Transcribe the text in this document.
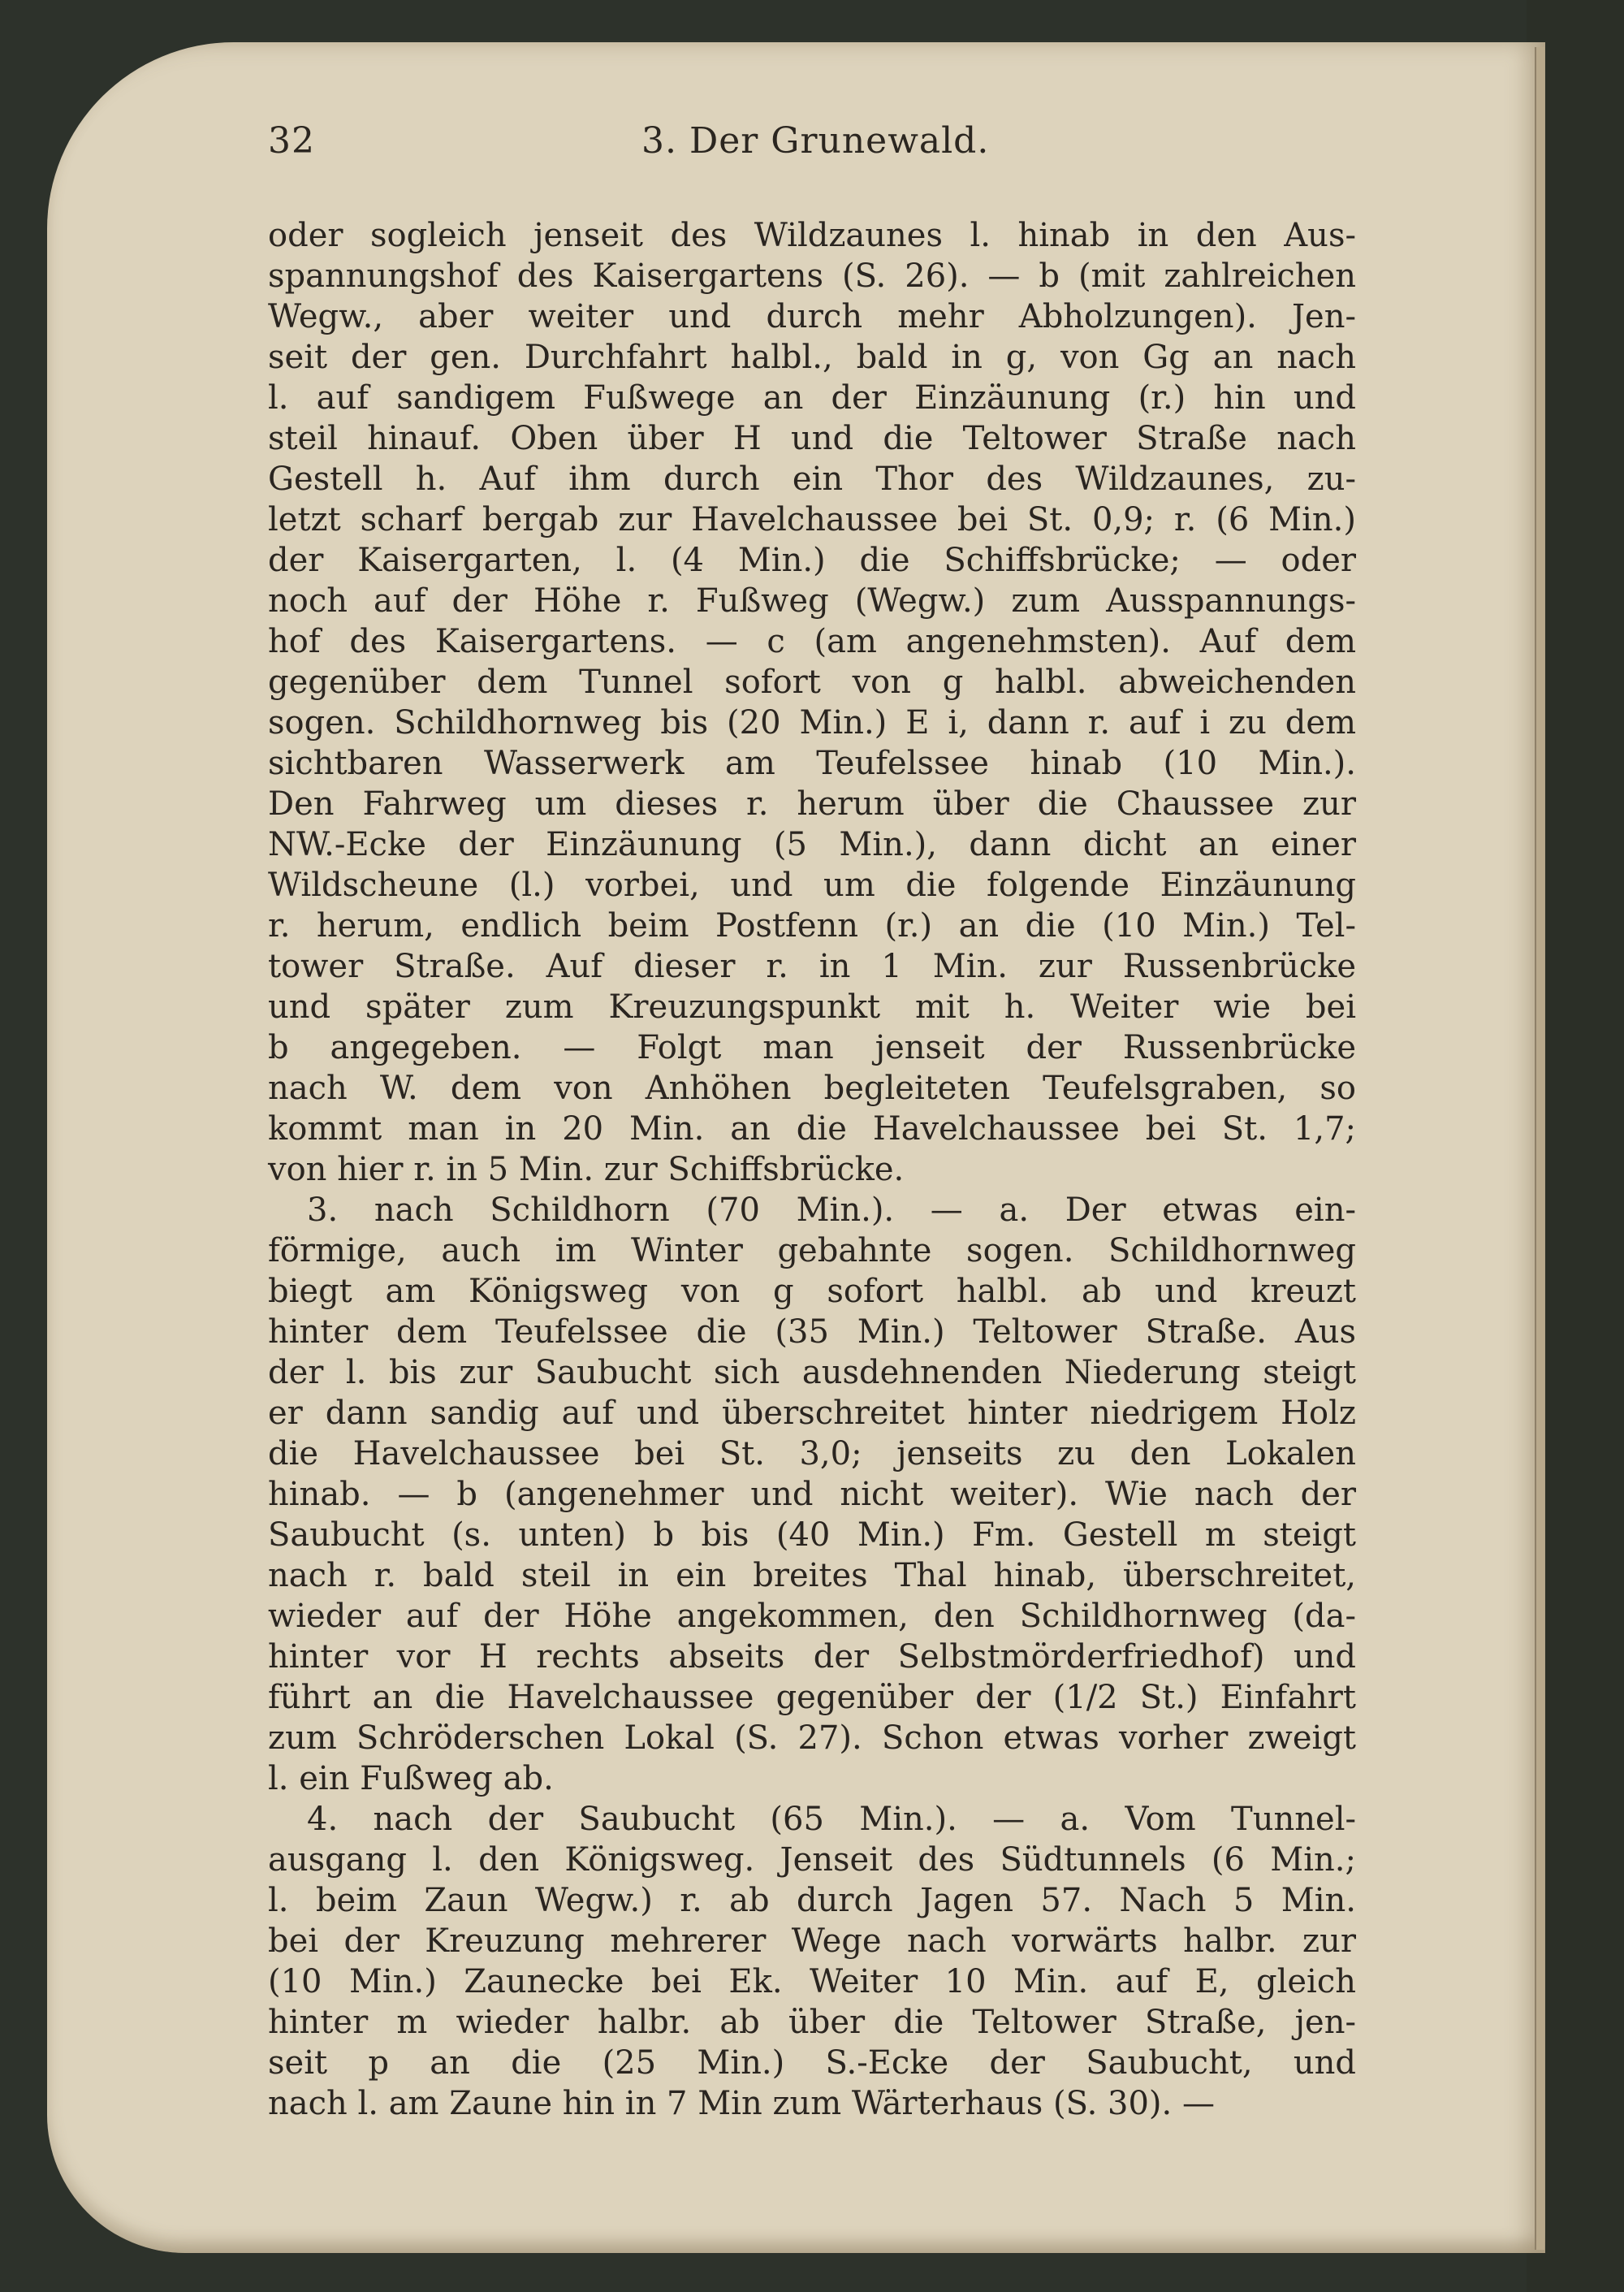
32	3. Der Grunewald.
oder sogleich jenseit des Wildzaunes l. hinab in den Aus-
spannungshof des Kaisergartens (S. 26). — b (mit zahlreichen
Wegw., aber weiter und durch mehr Abholzungen). Jen-
seit der gen. Durchfahrt halbl., bald in g, von Gg an nach
l. auf sandigem Fußwege an der Einzäunung (r.) hin und
steil hinauf. Oben über H und die Teltower Straße nach
Gestell h. Auf ihm durch ein Thor des Wildzaunes, zu-
letzt scharf bergab zur Havelchaussee bei St. 0,9; r. (6 Min.)
der Kaisergarten, l. (4 Min.) die Schiffsbrücke; — oder
noch auf der Höhe r. Fußweg (Wegw.) zum Ausspannungs-
hof des Kaisergartens. — c (am angenehmsten). Auf dem
gegenüber dem Tunnel sofort von g halbl. abweichenden
sogen. Schildhornweg bis (20 Min.) E i, dann r. auf i zu dem
sichtbaren Wasserwerk am Teufelssee hinab (10 Min.).
Den Fahrweg um dieses r. herum über die Chaussee zur
NW.-Ecke der Einzäunung (5 Min.), dann dicht an einer
Wildscheune (l.) vorbei, und um die folgende Einzäunung
r. herum, endlich beim Postfenn (r.) an die (10 Min.) Tel-
tower Straße. Auf dieser r. in 1 Min. zur Russenbrücke
und später zum Kreuzungspunkt mit h. Weiter wie bei
b angegeben. — Folgt man jenseit der Russenbrücke
nach W. dem von Anhöhen begleiteten Teufelsgraben, so
kommt man in 20 Min. an die Havelchaussee bei St. 1,7;
von hier r. in 5 Min. zur Schiffsbrücke.
3. nach Schildhorn (70 Min.). — a. Der etwas ein-
förmige, auch im Winter gebahnte sogen. Schildhornweg
biegt am Königsweg von g sofort halbl. ab und kreuzt
hinter dem Teufelssee die (35 Min.) Teltower Straße. Aus
der l. bis zur Saubucht sich ausdehnenden Niederung steigt
er dann sandig auf und überschreitet hinter niedrigem Holz
die Havelchaussee bei St. 3,0; jenseits zu den Lokalen
hinab. — b (angenehmer und nicht weiter). Wie nach der
Saubucht (s. unten) b bis (40 Min.) Fm. Gestell m steigt
nach r. bald steil in ein breites Thal hinab, überschreitet,
wieder auf der Höhe angekommen, den Schildhornweg (da-
hinter vor H rechts abseits der Selbstmörderfriedhof) und
führt an die Havelchaussee gegenüber der (1/2 St.) Einfahrt
zum Schröderschen Lokal (S. 27). Schon etwas vorher zweigt
l. ein Fußweg ab.
4. nach der Saubucht (65 Min.). — a. Vom Tunnel-
ausgang l. den Königsweg. Jenseit des Südtunnels (6 Min.;
l. beim Zaun Wegw.) r. ab durch Jagen 57. Nach 5 Min.
bei der Kreuzung mehrerer Wege nach vorwärts halbr. zur
(10 Min.) Zaunecke bei Ek. Weiter 10 Min. auf E, gleich
hinter m wieder halbr. ab über die Teltower Straße, jen-
seit p an die (25 Min.) S.-Ecke der Saubucht, und
nach l. am Zaune hin in 7 Min zum Wärterhaus (S. 30). —
